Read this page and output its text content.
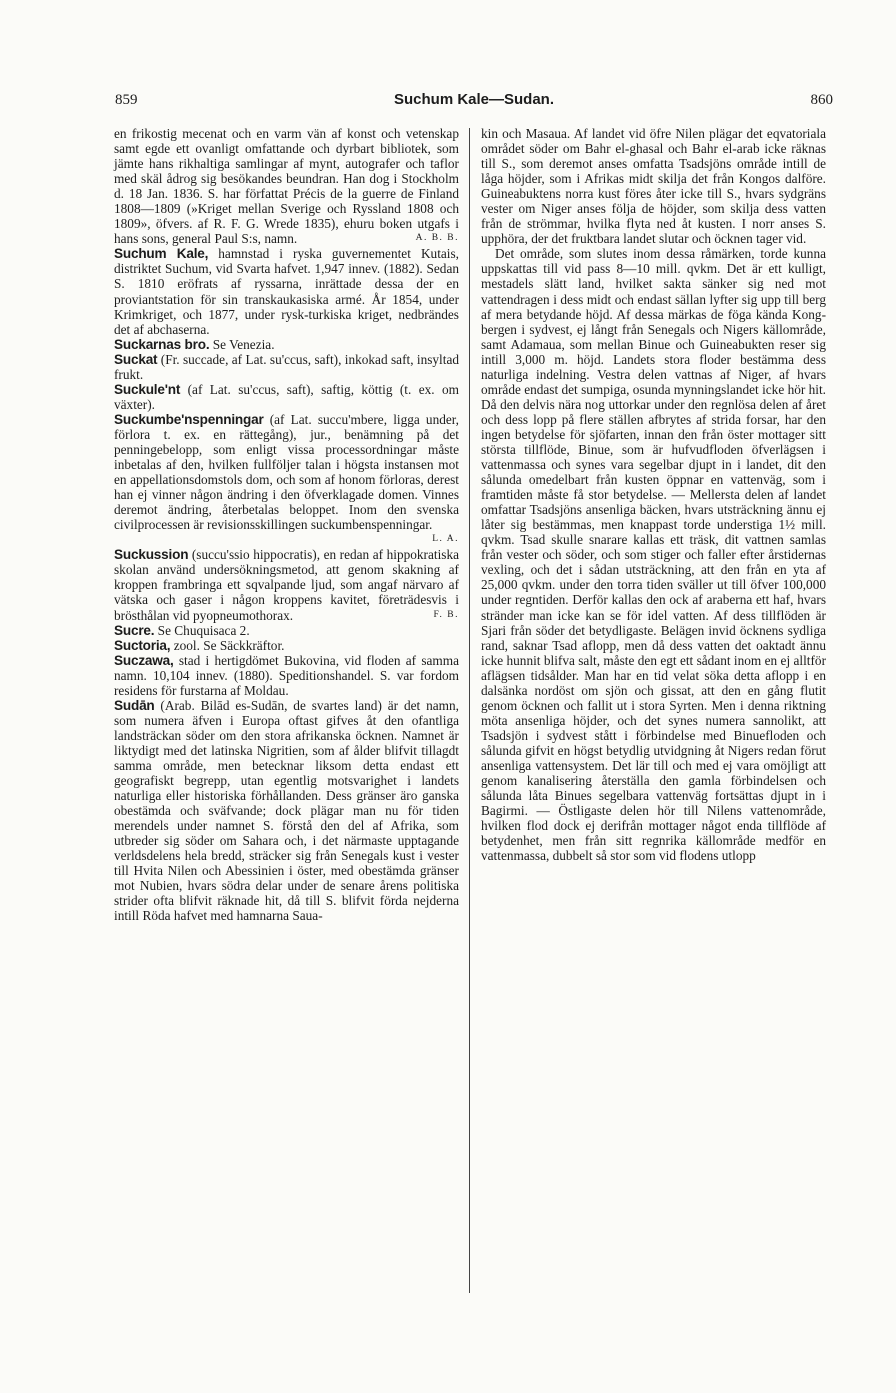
859	Suchum Kale—Sudan.	860

en frikostig mecenat och en varm vän af konst och vetenskap samt egde ett ovanligt omfattande och dyrbart bibliotek, som jämte hans rikhaltiga samlingar af mynt, autografer och taflor med skäl ådrog sig besökandes beundran. Han dog i Stockholm d. 18 Jan. 1836. S. har författat Précis de la guerre de Finland 1808—1809 (»Kriget mellan Sverige och Ryssland 1808 och 1809», öfvers. af R. F. G. Wrede 1835), ehuru boken utgafs i hans sons, general Paul S:s, namn.	A. B. B.

Suchum Kale, hamnstad i ryska guvernementet Kutais, distriktet Suchum, vid Svarta hafvet. 1,947 innev. (1882). Sedan S. 1810 eröfrats af ryssarna, inrättade dessa der en proviantstation för sin transkaukasiska armé. År 1854, under Krimkriget, och 1877, under rysk-turkiska kriget, nedbrändes det af abchaserna.

Suckarnas bro. Se Venezia.

Suckat (Fr. succade, af Lat. su'ccus, saft), inkokad saft, insyltad frukt.

Suckule'nt (af Lat. su'ccus, saft), saftig, köttig (t. ex. om växter).

Suckumbe'nspenningar (af Lat. succu'mbere, ligga under, förlora t. ex. en rättegång), jur., benämning på det penningebelopp, som enligt vissa processordningar måste inbetalas af den, hvilken fullföljer talan i högsta instansen mot en appellationsdomstols dom, och som af honom förloras, derest han ej vinner någon ändring i den öfverklagade domen. Vinnes deremot ändring, återbetalas beloppet. Inom den svenska civilprocessen är revisionsskillingen suckumbenspenningar.
L. A.

Suckussion (succu'ssio hippocratis), en redan af hippokratiska skolan använd undersökningsmetod, att genom skakning af kroppen frambringa ett sqvalpande ljud, som angaf närvaro af vätska och gaser i någon kroppens kavitet, företrädesvis i brösthålan vid pyopneumothorax.	F. B.

Sucre. Se Chuquisaca 2.

Suctoria, zool. Se Säckkräftor.

Suczawa, stad i hertigdömet Bukovina, vid floden af samma namn. 10,104 innev. (1880). Speditionshandel. S. var fordom residens för furstarna af Moldau.

Sudān (Arab. Bilād es-Sudān, de svartes land) är det namn, som numera äfven i Europa oftast gifves åt den ofantliga landsträckan söder om den stora afrikanska öcknen. Namnet är liktydigt med det latinska Nigritien, som af ålder blifvit tillagdt samma område, men betecknar liksom detta endast ett geografiskt begrepp, utan egentlig motsvarighet i landets naturliga eller historiska förhållanden. Dess gränser äro ganska obestämda och sväfvande; dock plägar man nu för tiden merendels under namnet S. förstå den del af Afrika, som utbreder sig söder om Sahara och, i det närmaste upptagande verldsdelens hela bredd, sträcker sig från Senegals kust i vester till Hvita Nilen och Abessinien i öster, med obestämda gränser mot Nubien, hvars södra delar under de senare årens politiska strider ofta blifvit räknade hit, då till S. blifvit förda nejderna intill Röda hafvet med hamnarna Saua-

kin och Masaua. Af landet vid öfre Nilen plägar det eqvatoriala området söder om Bahr el-ghasal och Bahr el-arab icke räknas till S., som deremot anses omfatta Tsadsjöns område intill de låga höjder, som i Afrikas midt skilja det från Kongos dalföre. Guineabuktens norra kust föres åter icke till S., hvars sydgräns vester om Niger anses följa de höjder, som skilja dess vatten från de strömmar, hvilka flyta ned åt kusten. I norr anses S. upphöra, der det fruktbara landet slutar och öcknen tager vid.

Det område, som slutes inom dessa råmärken, torde kunna uppskattas till vid pass 8—10 mill. qvkm. Det är ett kulligt, mestadels slätt land, hvilket sakta sänker sig ned mot vattendragen i dess midt och endast sällan lyfter sig upp till berg af mera betydande höjd. Af dessa märkas de föga kända Kong-bergen i sydvest, ej långt från Senegals och Nigers källområde, samt Adamaua, som mellan Binue och Guineabukten reser sig intill 3,000 m. höjd. Landets stora floder bestämma dess naturliga indelning. Vestra delen vattnas af Niger, af hvars område endast det sumpiga, osunda mynningslandet icke hör hit. Då den delvis nära nog uttorkar under den regnlösa delen af året och dess lopp på flere ställen afbrytes af strida forsar, har den ingen betydelse för sjöfarten, innan den från öster mottager sitt största tillflöde, Binue, som är hufvudfloden öfverlägsen i vattenmassa och synes vara segelbar djupt in i landet, dit den sålunda omedelbart från kusten öppnar en vattenväg, som i framtiden måste få stor betydelse. — Mellersta delen af landet omfattar Tsadsjöns ansenliga bäcken, hvars utsträckning ännu ej låter sig bestämmas, men knappast torde understiga 1½ mill. qvkm. Tsad skulle snarare kallas ett träsk, dit vattnen samlas från vester och söder, och som stiger och faller efter årstidernas vexling, och det i sådan utsträckning, att den från en yta af 25,000 qvkm. under den torra tiden sväller ut till öfver 100,000 under regntiden. Derför kallas den ock af araberna ett haf, hvars stränder man icke kan se för idel vatten. Af dess tillflöden är Sjari från söder det betydligaste. Belägen invid öcknens sydliga rand, saknar Tsad aflopp, men då dess vatten det oaktadt ännu icke hunnit blifva salt, måste den egt ett sådant inom en ej alltför aflägsen tidsålder. Man har en tid velat söka detta aflopp i en dalsänka nordöst om sjön och gissat, att den en gång flutit genom öcknen och fallit ut i stora Syrten. Men i denna riktning möta ansenliga höjder, och det synes numera sannolikt, att Tsadsjön i sydvest stått i förbindelse med Binuefloden och sålunda gifvit en högst betydlig utvidgning åt Nigers redan förut ansenliga vattensystem. Det lär till och med ej vara omöjligt att genom kanalisering återställa den gamla förbindelsen och sålunda låta Binues segelbara vattenväg fortsättas djupt in i Bagirmi. — Östligaste delen hör till Nilens vattenområde, hvilken flod dock ej derifrån mottager något enda tillflöde af betydenhet, men från sitt regnrika källområde medför en vattenmassa, dubbelt så stor som vid flodens utlopp
